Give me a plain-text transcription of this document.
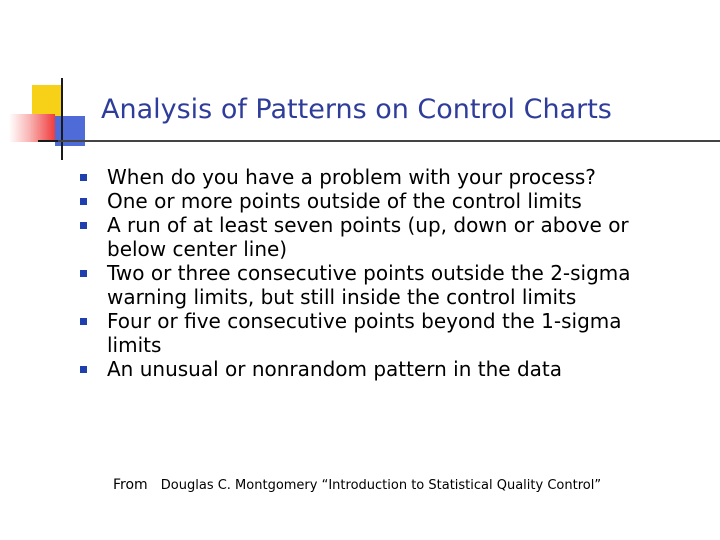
Analysis of Patterns on Control Charts
When do you have a problem with your process?
One or more points outside of the control limits
A run of at least seven points (up, down or above or below center line)
Two or three consecutive points outside the 2-sigma warning limits, but still inside the control limits
Four or five consecutive points beyond the 1-sigma limits
An unusual or nonrandom pattern in the data
From Douglas C. Montgomery “Introduction to Statistical Quality Control”
